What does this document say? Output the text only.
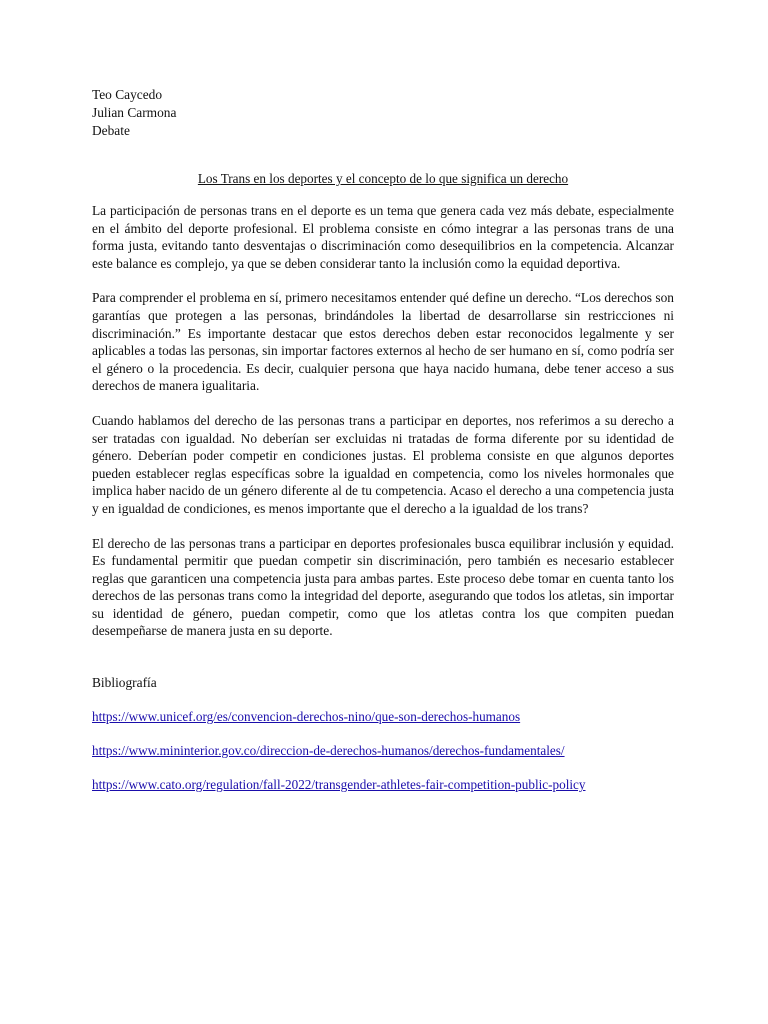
Teo Caycedo

Julian Carmona

Debate

Los Trans en los deportes y el concepto de lo que significa un derecho

La participación de personas trans en el deporte es un tema que genera cada vez más debate, especialmente en el ámbito del deporte profesional. El problema consiste en cómo integrar a las personas trans de una forma justa, evitando tanto desventajas o discriminación como desequilibrios en la competencia. Alcanzar este balance es complejo, ya que se deben considerar tanto la inclusión como la equidad deportiva.

Para comprender el problema en sí, primero necesitamos entender qué define un derecho. “Los derechos son garantías que protegen a las personas, brindándoles la libertad de desarrollarse sin restricciones ni discriminación.” Es importante destacar que estos derechos deben estar reconocidos legalmente y ser aplicables a todas las personas, sin importar factores externos al hecho de ser humano en sí, como podría ser el género o la procedencia. Es decir, cualquier persona que haya nacido humana, debe tener acceso a sus derechos de manera igualitaria.

Cuando hablamos del derecho de las personas trans a participar en deportes, nos referimos a su derecho a ser tratadas con igualdad. No deberían ser excluidas ni tratadas de forma diferente por su identidad de género. Deberían poder competir en condiciones justas. El problema consiste en que algunos deportes pueden establecer reglas específicas sobre la igualdad en competencia, como los niveles hormonales que implica haber nacido de un género diferente al de tu competencia. Acaso el derecho a una competencia justa y en igualdad de condiciones, es menos importante que el derecho a la igualdad de los trans?

El derecho de las personas trans a participar en deportes profesionales busca equilibrar inclusión y equidad. Es fundamental permitir que puedan competir sin discriminación, pero también es necesario establecer reglas que garanticen una competencia justa para ambas partes. Este proceso debe tomar en cuenta tanto los derechos de las personas trans como la integridad del deporte, asegurando que todos los atletas, sin importar su identidad de género, puedan competir, como que los atletas contra los que compiten puedan desempeñarse de manera justa en su deporte.

Bibliografía
https://www.unicef.org/es/convencion-derechos-nino/que-son-derechos-humanos
https://www.mininterior.gov.co/direccion-de-derechos-humanos/derechos-fundamentales/
https://www.cato.org/regulation/fall-2022/transgender-athletes-fair-competition-public-policy
